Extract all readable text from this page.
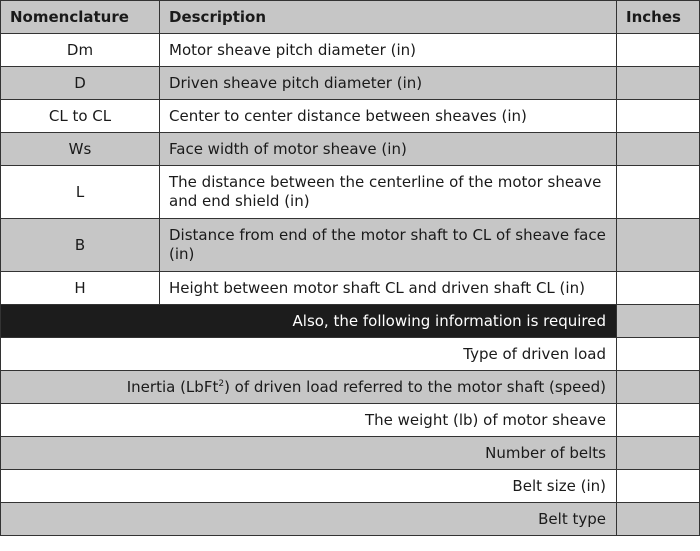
Nomenclature	Description	Inches
Dm	Motor sheave pitch diameter (in)	
D	Driven sheave pitch diameter (in)	
CL to CL	Center to center distance between sheaves (in)	
Ws	Face width of motor sheave (in)	
L	The distance between the centerline of the motor sheave and end shield (in)	
B	Distance from end of the motor shaft to CL of sheave face (in)	
H	Height between motor shaft CL and driven shaft CL (in)	
Also, the following information is required		
Type of driven load		
Inertia (LbFt$^2$) of driven load referred to the motor shaft (speed)		
The weight (lb) of motor sheave		
Number of belts		
Belt size (in)		
Belt type		
